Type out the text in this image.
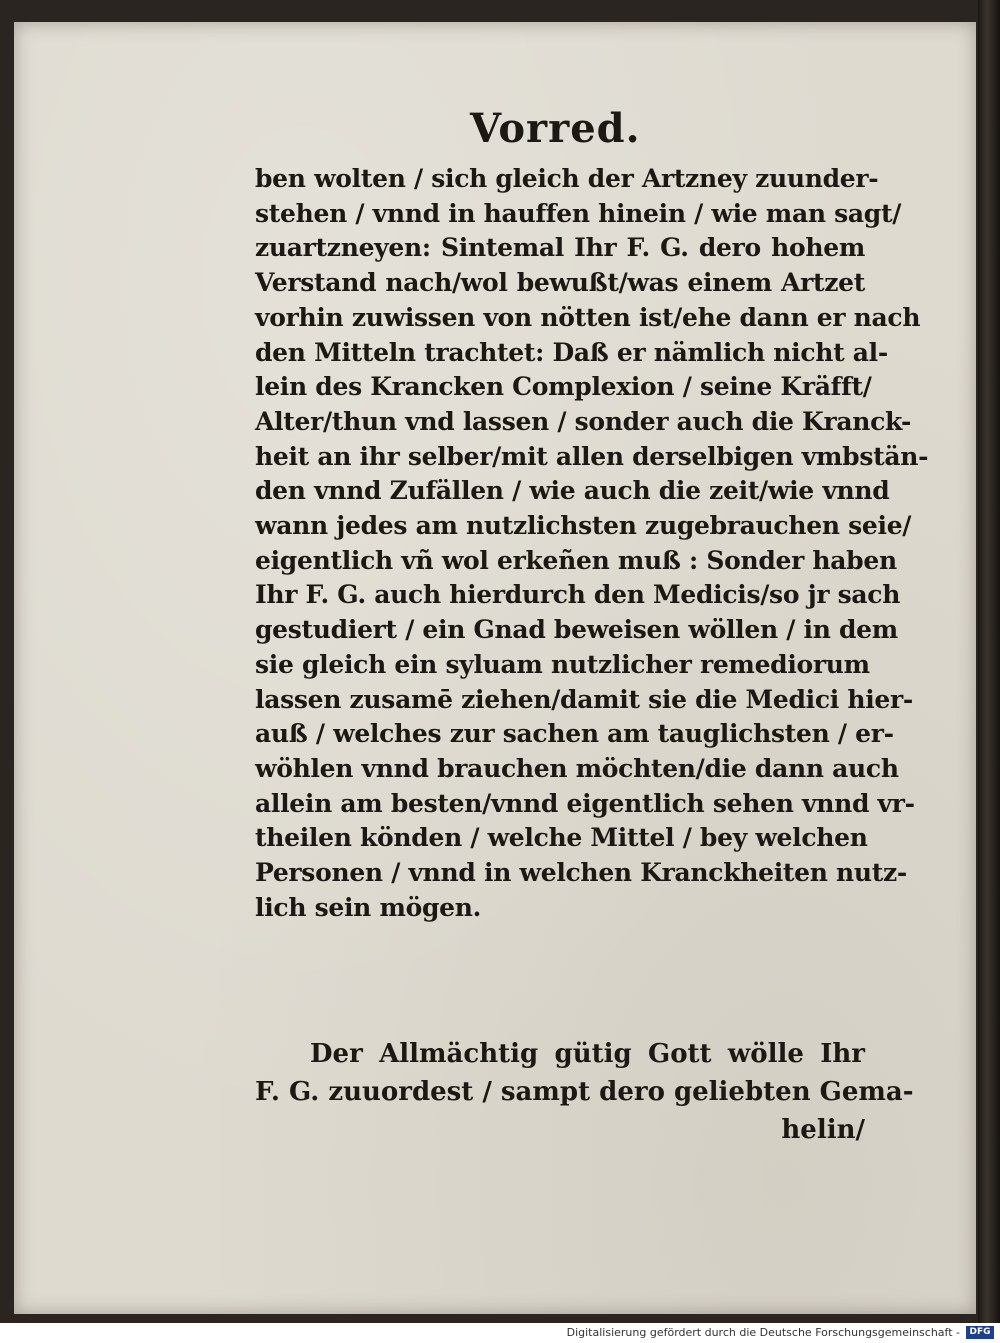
Vorred.
ben wolten / sich gleich der Artzney zuunder-
stehen / vnnd in hauffen hinein / wie man sagt/
zuartzneyen: Sintemal Ihr F. G. dero hohem
Verstand nach/wol bewußt/was einem Artzet
vorhin zuwissen von nötten ist/ehe dann er nach
den Mitteln trachtet: Daß er nämlich nicht al-
lein des Krancken Complexion / seine Kräfft/
Alter/thun vnd lassen / sonder auch die Kranck-
heit an ihr selber/mit allen derselbigen vmbstän-
den vnnd Zufällen / wie auch die zeit/wie vnnd
wann jedes am nutzlichsten zugebrauchen seie/
eigentlich vñ wol erkeñen muß : Sonder haben
Ihr F. G. auch hierdurch den Medicis/so jr sach
gestudiert / ein Gnad beweisen wöllen / in dem
sie gleich ein syluam nutzlicher remediorum
lassen zusamē ziehen/damit sie die Medici hier-
auß / welches zur sachen am tauglichsten / er-
wöhlen vnnd brauchen möchten/die dann auch
allein am besten/vnnd eigentlich sehen vnnd vr-
theilen könden / welche Mittel / bey welchen
Personen / vnnd in welchen Kranckheiten nutz-
lich sein mögen.
Der Allmächtig gütig Gott wölle Ihr
F. G. zuuordest / sampt dero geliebten Gema-
helin/
Digitalisierung gefördert durch die Deutsche Forschungsgemeinschaft -	DFG
